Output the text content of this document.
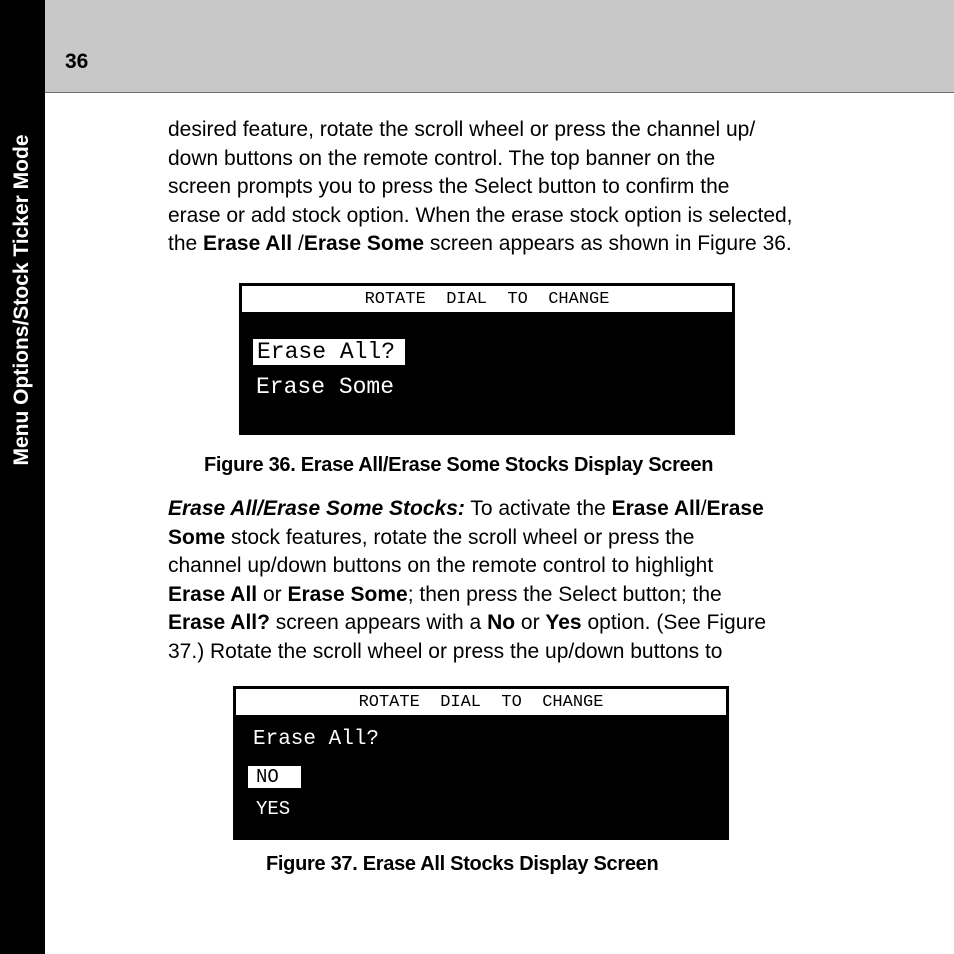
Menu Options/Stock Ticker Mode
36
desired feature, rotate the scroll wheel or press the channel up/
down buttons on the remote control. The top banner on the
screen prompts you to press the Select button to confirm the
erase or add stock option. When the erase stock option is selected,
the Erase All /Erase Some screen appears as shown in Figure 36.
ROTATE  DIAL  TO  CHANGE
Erase All?
Erase Some
Figure 36. Erase All/Erase Some Stocks Display Screen
Erase All/Erase Some Stocks: To activate the Erase All/Erase
Some stock features, rotate the scroll wheel or press the
channel up/down buttons on the remote control to highlight
Erase All or Erase Some; then press the Select button; the
Erase All? screen appears with a No or Yes option. (See Figure
37.) Rotate the scroll wheel or press the up/down buttons to
ROTATE  DIAL  TO  CHANGE
Erase All?
NO
YES
Figure 37. Erase All Stocks Display Screen
